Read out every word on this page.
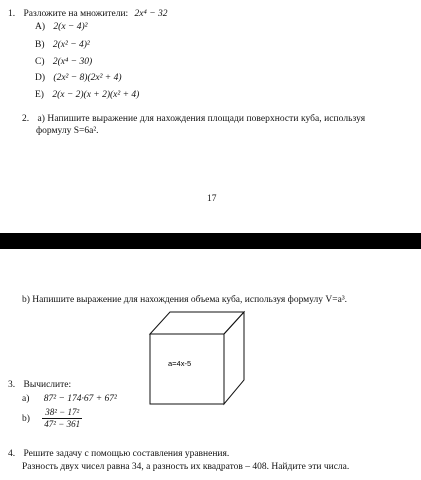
1. Разложите на множители: 2x⁴ − 32
A) 2(x − 4)²
B) 2(x² − 4)²
C) 2(x⁴ − 30)
D) (2x² − 8)(2x² + 4)
E) 2(x − 2)(x + 2)(x² + 4)
2. a) Напишите выражение для нахождения площади поверхности куба, используя
формулу S=6a².
17
b) Напишите выражение для нахождения объема куба, используя формулу V=a³.
a=4x-5
3. Вычислите:
a) 87² − 174·67 + 67²
$b) \frac{\text{38² − 17²}}{\text{47² − 361}}$
4. Решите задачу с помощью составления уравнения.
Разность двух чисел равна 34, а разность их квадратов – 408. Найдите эти числа.
